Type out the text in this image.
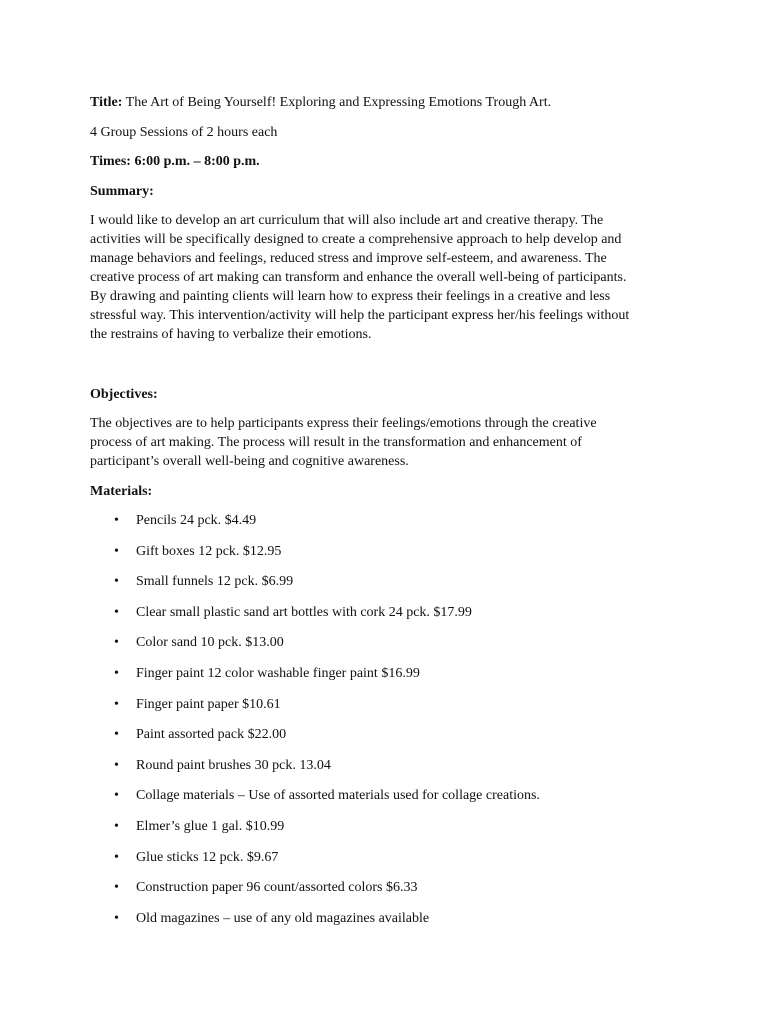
Title: The Art of Being Yourself! Exploring and Expressing Emotions Trough Art.
4 Group Sessions of 2 hours each
Times: 6:00 p.m. – 8:00 p.m.
Summary:
I would like to develop an art curriculum that will also include art and creative therapy. The
activities will be specifically designed to create a comprehensive approach to help develop and
manage behaviors and feelings, reduced stress and improve self-esteem, and awareness. The
creative process of art making can transform and enhance the overall well-being of participants.
By drawing and painting clients will learn how to express their feelings in a creative and less
stressful way. This intervention/activity will help the participant express her/his feelings without
the restrains of having to verbalize their emotions.
Objectives:
The objectives are to help participants express their feelings/emotions through the creative
process of art making. The process will result in the transformation and enhancement of
participant’s overall well-being and cognitive awareness.
Materials:
• Pencils 24 pck. $4.49
• Gift boxes 12 pck. $12.95
• Small funnels 12 pck. $6.99
• Clear small plastic sand art bottles with cork 24 pck. $17.99
• Color sand 10 pck. $13.00
• Finger paint 12 color washable finger paint $16.99
• Finger paint paper $10.61
• Paint assorted pack $22.00
• Round paint brushes 30 pck. 13.04
• Collage materials – Use of assorted materials used for collage creations.
• Elmer’s glue 1 gal. $10.99
• Glue sticks 12 pck. $9.67
• Construction paper 96 count/assorted colors $6.33
• Old magazines – use of any old magazines available
